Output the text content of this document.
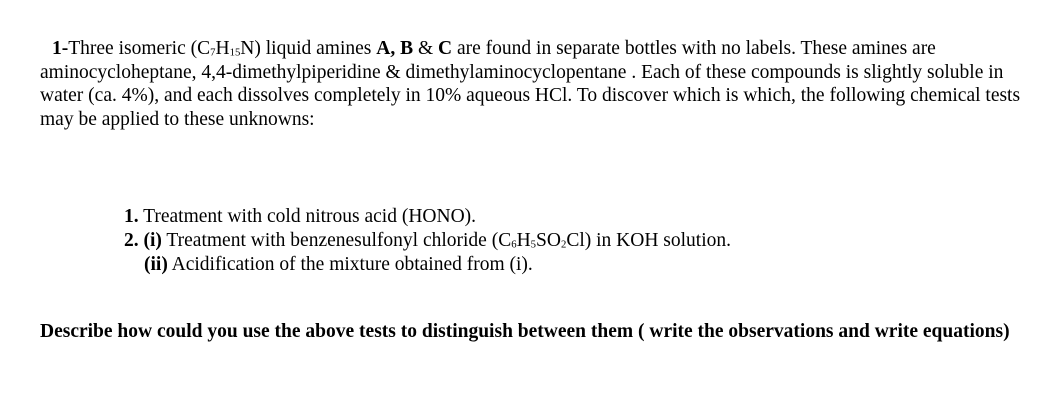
1-Three isomeric $(C_7H_{15}N)$ liquid amines A, B & C are found in separate bottles with no labels. These amines are aminocycloheptane, 4,4-dimethylpiperidine & dimethylaminocyclopentane . Each of these compounds is slightly soluble in water (ca. 4%), and each dissolves completely in 10% aqueous HCl. To discover which is which, the following chemical tests may be applied to these unknowns:

1. Treatment with cold nitrous acid (HONO).
2. (i) Treatment with benzenesulfonyl chloride $(C_6H_5SO_2Cl)$ in KOH solution.
(ii) Acidification of the mixture obtained from (i).

Describe how could you use the above tests to distinguish between them ( write the observations and write equations)
